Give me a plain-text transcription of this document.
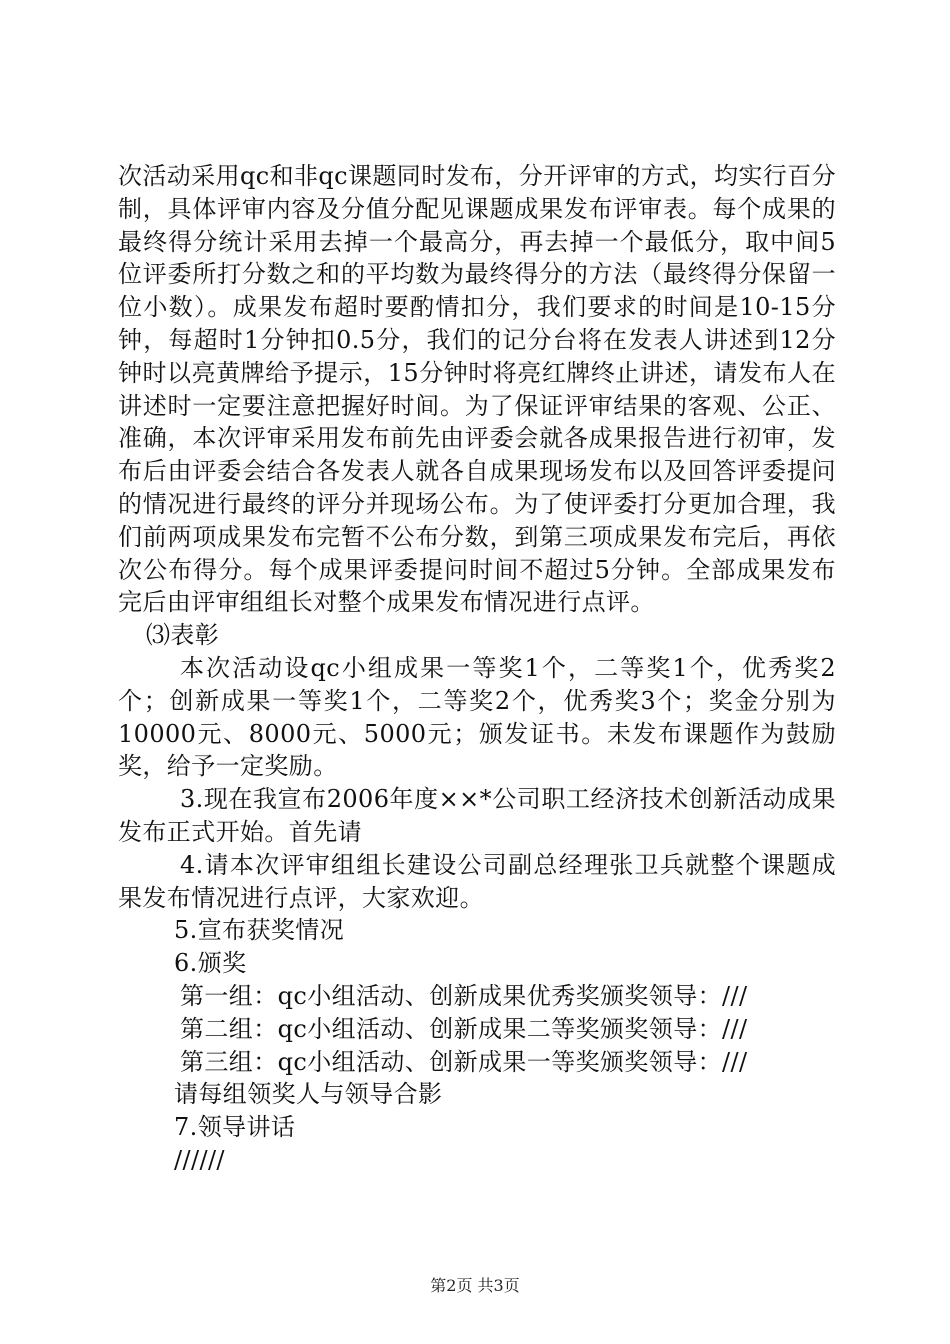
次活动采用qc和非qc课题同时发布，分开评审的方式，均实行百分制，具体评审内容及分值分配见课题成果发布评审表。每个成果的最终得分统计采用去掉一个最高分，再去掉一个最低分，取中间5位评委所打分数之和的平均数为最终得分的方法（最终得分保留一位小数）。成果发布超时要酌情扣分，我们要求的时间是10-15分钟，每超时1分钟扣0.5分，我们的记分台将在发表人讲述到12分钟时以亮黄牌给予提示，15分钟时将亮红牌终止讲述，请发布人在讲述时一定要注意把握好时间。为了保证评审结果的客观、公正、准确，本次评审采用发布前先由评委会就各成果报告进行初审，发布后由评委会结合各发表人就各自成果现场发布以及回答评委提问的情况进行最终的评分并现场公布。为了使评委打分更加合理，我们前两项成果发布完暂不公布分数，到第三项成果发布完后，再依次公布得分。每个成果评委提问时间不超过5分钟。全部成果发布完后由评审组组长对整个成果发布情况进行点评。

⑶表彰

本次活动设qc小组成果一等奖1个，二等奖1个，优秀奖2个；创新成果一等奖1个，二等奖2个，优秀奖3个；奖金分别为10000元、8000元、5000元；颁发证书。未发布课题作为鼓励奖，给予一定奖励。

3.现在我宣布2006年度××*公司职工经济技术创新活动成果发布正式开始。首先请

4.请本次评审组组长建设公司副总经理张卫兵就整个课题成果发布情况进行点评，大家欢迎。

5.宣布获奖情况
6.颁奖
第一组：qc小组活动、创新成果优秀奖颁奖领导：///
第二组：qc小组活动、创新成果二等奖颁奖领导：///
第三组：qc小组活动、创新成果一等奖颁奖领导：///
请每组领奖人与领导合影
7.领导讲话
//////
第2页 共3页
